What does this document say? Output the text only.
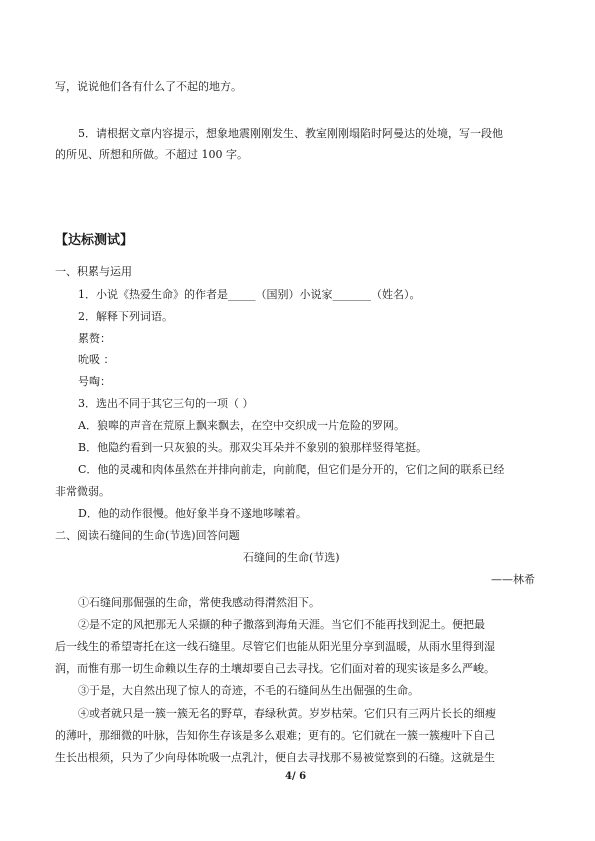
写，说说他们各有什么了不起的地方。
5．请根据文章内容提示，想象地震刚刚发生、教室刚刚塌陷时阿曼达的处境，写一段他
的所见、所想和所做。不超过 100 字。
【达标测试】
一、积累与运用
1．小说《热爱生命》的作者是_____（国别）小说家_______（姓名）。
2．解释下列词语。
累赘：
吮吸 ：
号啕：
3．选出不同于其它三句的一项（ ）
A．狼嗥的声音在荒原上飘来飘去，在空中交织成一片危险的罗网。
B．他隐约看到一只灰狼的头。那双尖耳朵并不象别的狼那样竖得笔挺。
C．他的灵魂和肉体虽然在并排向前走，向前爬，但它们是分开的，它们之间的联系已经
非常微弱。
D．他的动作很慢。他好象半身不遂地哆嗦着。
二、阅读石缝间的生命(节选)回答问题
石缝间的生命(节选)
——林希
①石缝间那倔强的生命，常使我感动得潸然泪下。
②是不定的风把那无人采撷的种子撒落到海角天涯。当它们不能再找到泥土。便把最
后一线生的希望寄托在这一线石缝里。尽管它们也能从阳光里分享到温暖，从雨水里得到湿
润，而惟有那一切生命赖以生存的土壤却要自己去寻找。它们面对着的现实该是多么严峻。
③于是，大自然出现了惊人的奇迹，不毛的石缝间丛生出倔强的生命。
④或者就只是一簇一簇无名的野草，春绿秋黄。岁岁枯荣。它们只有三两片长长的细瘦
的薄叶，那细微的叶脉，告知你生存该是多么艰难；更有的。它们就在一簇一簇瘦叶下自己
生长出根须，只为了少向母体吮吸一点乳汁，便自去寻找那不易被觉察到的石缝。这就是生
4/ 6
